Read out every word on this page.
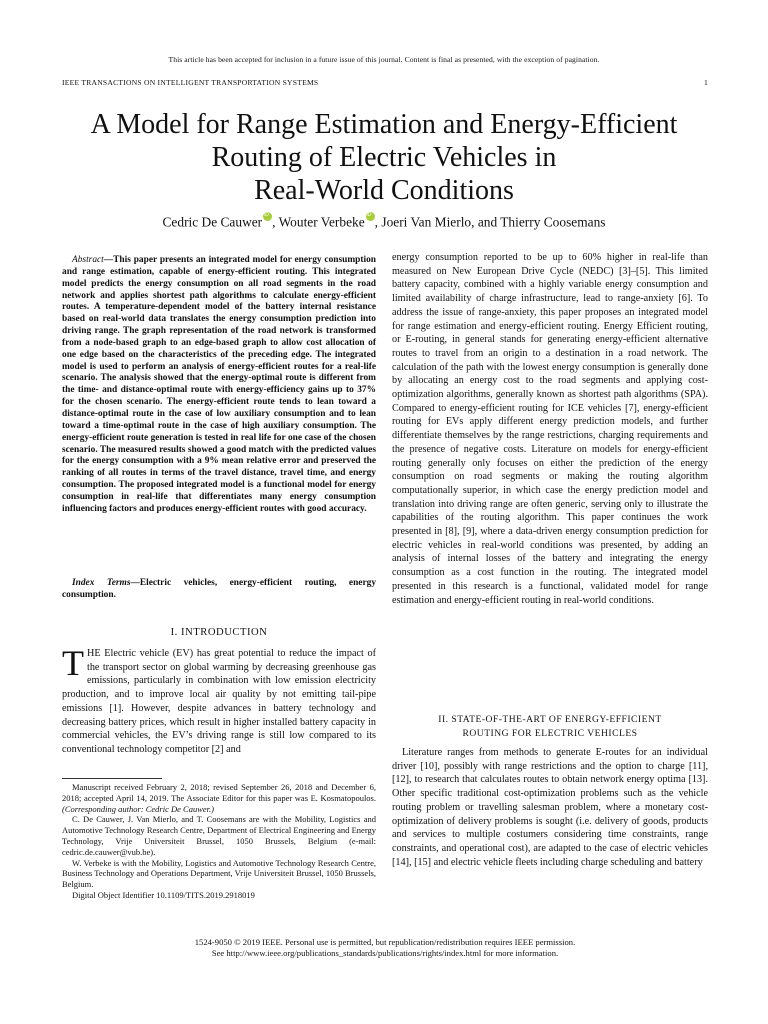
This article has been accepted for inclusion in a future issue of this journal. Content is final as presented, with the exception of pagination.
IEEE TRANSACTIONS ON INTELLIGENT TRANSPORTATION SYSTEMS	1
A Model for Range Estimation and Energy-Efficient
Routing of Electric Vehicles in
Real-World Conditions
Cedric De Cauwer iD , Wouter Verbeke iD , Joeri Van Mierlo, and Thierry Coosemans
Abstract—This paper presents an integrated model for energy consumption and range estimation, capable of energy-efficient routing. This integrated model predicts the energy consumption on all road segments in the road network and applies shortest path algorithms to calculate energy-efficient routes. A temperature-dependent model of the battery internal resistance based on real-world data translates the energy consumption prediction into driving range. The graph representation of the road network is transformed from a node-based graph to an edge-based graph to allow cost allocation of one edge based on the characteristics of the preceding edge. The integrated model is used to perform an analysis of energy-efficient routes for a real-life scenario. The analysis showed that the energy-optimal route is different from the time- and distance-optimal route with energy-efficiency gains up to 37% for the chosen scenario. The energy-efficient route tends to lean toward a distance-optimal route in the case of low auxiliary consumption and to lean toward a time-optimal route in the case of high auxiliary consumption. The energy-efficient route generation is tested in real life for one case of the chosen scenario. The measured results showed a good match with the predicted values for the energy consumption with a 9% mean relative error and preserved the ranking of all routes in terms of the travel distance, travel time, and energy consumption. The proposed integrated model is a functional model for energy consumption in real-life that differentiates many energy consumption influencing factors and produces energy-efficient routes with good accuracy.
Index Terms—Electric vehicles, energy-efficient routing, energy consumption.
I. INTRODUCTION
THE Electric vehicle (EV) has great potential to reduce the impact of the transport sector on global warming by decreasing greenhouse gas emissions, particularly in combination with low emission electricity production, and to improve local air quality by not emitting tail-pipe emissions [1]. However, despite advances in battery technology and decreasing battery prices, which result in higher installed battery capacity in commercial vehicles, the EV’s driving range is still low compared to its conventional technology competitor [2] and

Manuscript received February 2, 2018; revised September 26, 2018 and December 6, 2018; accepted April 14, 2019. The Associate Editor for this paper was E. Kosmatopoulos. (Corresponding author: Cedric De Cauwer.)

C. De Cauwer, J. Van Mierlo, and T. Coosemans are with the Mobility, Logistics and Automotive Technology Research Centre, Department of Electrical Engineering and Energy Technology, Vrije Universiteit Brussel, 1050 Brussels, Belgium (e-mail: cedric.de.cauwer@vub.be).

W. Verbeke is with the Mobility, Logistics and Automotive Technology Research Centre, Business Technology and Operations Department, Vrije Universiteit Brussel, 1050 Brussels, Belgium.

Digital Object Identifier 10.1109/TITS.2019.2918019

energy consumption reported to be up to 60% higher in real-life than measured on New European Drive Cycle (NEDC) [3]–[5]. This limited battery capacity, combined with a highly variable energy consumption and limited availability of charge infrastructure, lead to range-anxiety [6]. To address the issue of range-anxiety, this paper proposes an integrated model for range estimation and energy-efficient routing. Energy Efficient routing, or E-routing, in general stands for generating energy-efficient alternative routes to travel from an origin to a destination in a road network. The calculation of the path with the lowest energy consumption is generally done by allocating an energy cost to the road segments and applying cost-optimization algorithms, generally known as shortest path algorithms (SPA). Compared to energy-efficient routing for ICE vehicles [7], energy-efficient routing for EVs apply different energy prediction models, and further differentiate themselves by the range restrictions, charging requirements and the presence of negative costs. Literature on models for energy-efficient routing generally only focuses on either the prediction of the energy consumption on road segments or making the routing algorithm computationally superior, in which case the energy prediction model and translation into driving range are often generic, serving only to illustrate the capabilities of the routing algorithm. This paper continues the work presented in [8], [9], where a data-driven energy consumption prediction for electric vehicles in real-world conditions was presented, by adding an analysis of internal losses of the battery and integrating the energy consumption as a cost function in the routing. The integrated model presented in this research is a functional, validated model for range estimation and energy-efficient routing in real-world conditions.
II. STATE-OF-THE-ART OF ENERGY-EFFICIENT
ROUTING FOR ELECTRIC VEHICLES
Literature ranges from methods to generate E-routes for an individual driver [10], possibly with range restrictions and the option to charge [11], [12], to research that calculates routes to obtain network energy optima [13]. Other specific traditional cost-optimization problems such as the vehicle routing problem or travelling salesman problem, where a monetary cost-optimization of delivery problems is sought (i.e. delivery of goods, products and services to multiple costumers considering time constraints, range constraints, and operational cost), are adapted to the case of electric vehicles [14], [15] and electric vehicle fleets including charge scheduling and battery
1524-9050 © 2019 IEEE. Personal use is permitted, but republication/redistribution requires IEEE permission.
See http://www.ieee.org/publications_standards/publications/rights/index.html for more information.
